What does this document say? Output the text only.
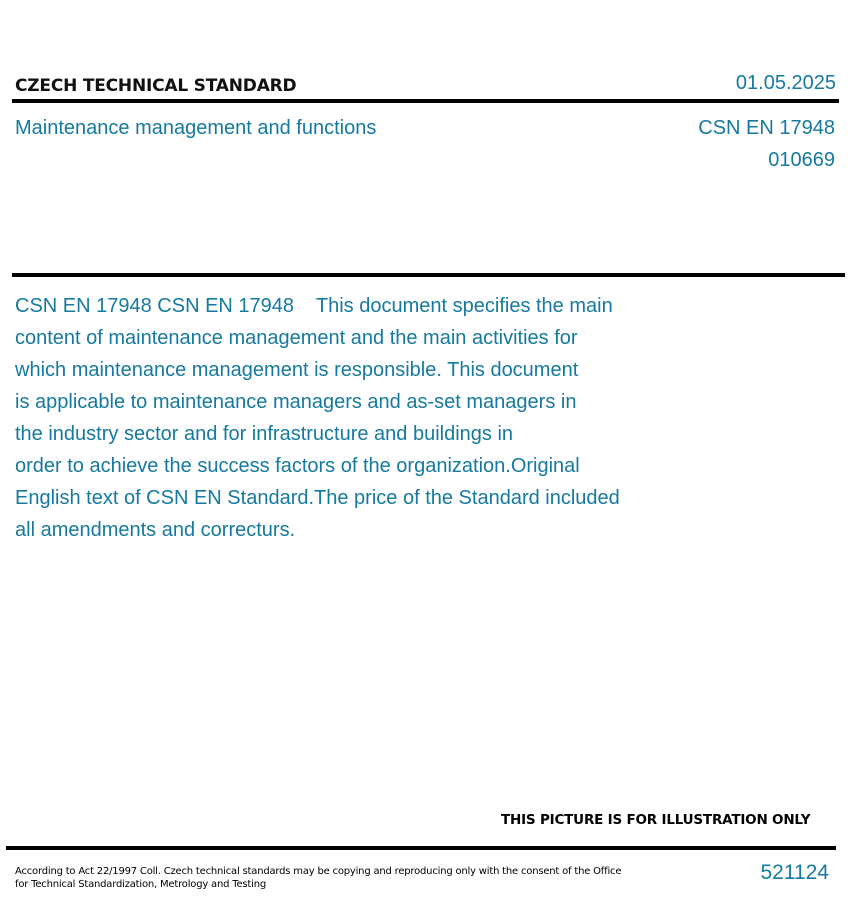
CZECH TECHNICAL STANDARD	01.05.2025
Maintenance management and functions	CSN EN 17948
010669
CSN EN 17948 CSN EN 17948    This document specifies the main
content of maintenance management and the main activities for
which maintenance management is responsible. This document
is applicable to maintenance managers and as-set managers in
the industry sector and for infrastructure and buildings in
order to achieve the success factors of the organization.Original
English text of CSN EN Standard.The price of the Standard included
all amendments and correcturs.
THIS PICTURE IS FOR ILLUSTRATION ONLY
According to Act 22/1997 Coll. Czech technical standards may be copying and reproducing only with the consent of the Office
for Technical Standardization, Metrology and Testing
521124
